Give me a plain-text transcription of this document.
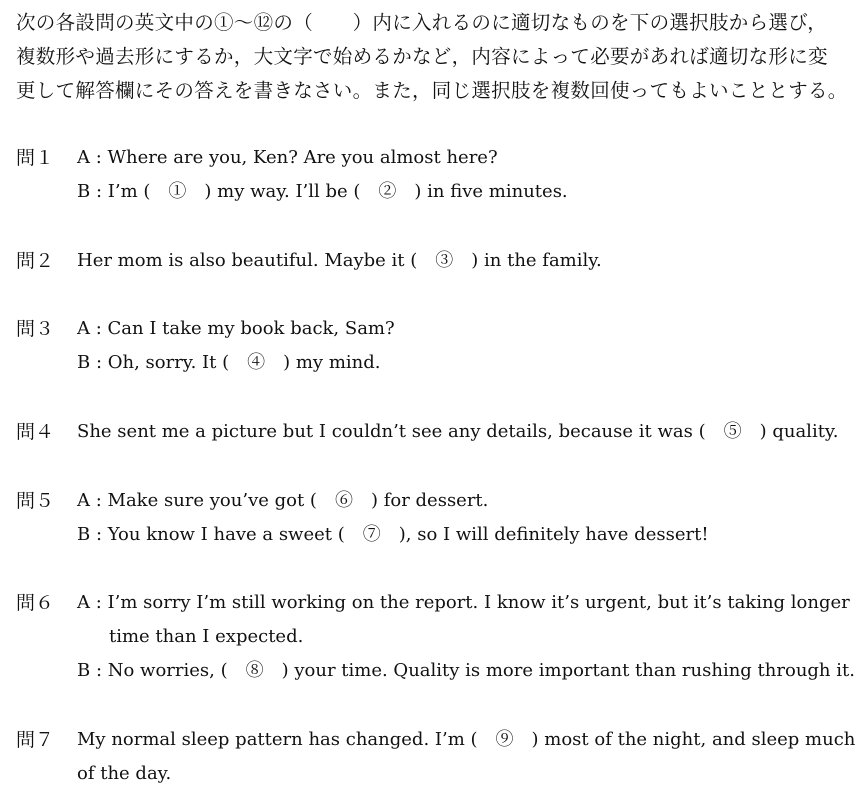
次の各設問の英文中の①～⑫の（　　）内に入れるのに適切なものを下の選択肢から選び，
複数形や過去形にするか，大文字で始めるかなど，内容によって必要があれば適切な形に変
更して解答欄にその答えを書きなさい。また，同じ選択肢を複数回使ってもよいこととする。
問１ A : Where are you, Ken? Are you almost here?
B : I’m (　①　) my way. I’ll be (　②　) in five minutes.
問２ Her mom is also beautiful. Maybe it (　③　) in the family.
問３ A : Can I take my book back, Sam?
B : Oh, sorry. It (　④　) my mind.
問４ She sent me a picture but I couldn’t see any details, because it was (　⑤　) quality.
問５ A : Make sure you’ve got (　⑥　) for dessert.
B : You know I have a sweet (　⑦　), so I will definitely have dessert!
問６ A : I’m sorry I’m still working on the report. I know it’s urgent, but it’s taking longer
time than I expected.
B : No worries, (　⑧　) your time. Quality is more important than rushing through it.
問７ My normal sleep pattern has changed. I’m (　⑨　) most of the night, and sleep much
of the day.
